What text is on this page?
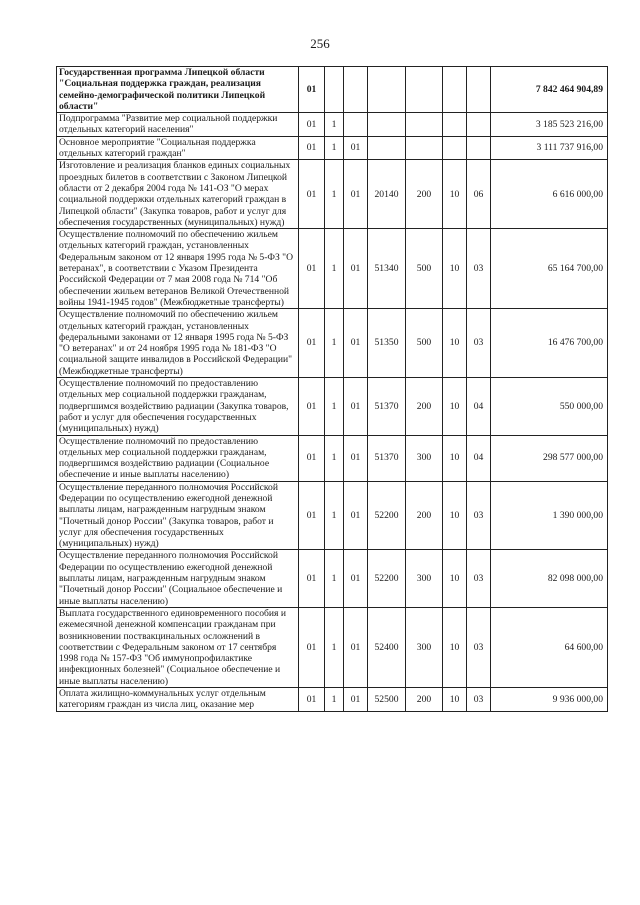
256
Государственная программа Липецкой области "Социальная поддержка граждан, реализация семейно-демографической политики Липецкой области"	01							7 842 464 904,89
Подпрограмма "Развитие мер социальной поддержки отдельных категорий населения"	01	1						3 185 523 216,00
Основное мероприятие "Социальная поддержка отдельных категорий граждан"	01	1	01					3 111 737 916,00
Изготовление и реализация бланков единых социальных проездных билетов в соответствии с Законом Липецкой области от 2 декабря 2004 года № 141-ОЗ "О мерах социальной поддержки отдельных категорий граждан в Липецкой области" (Закупка товаров, работ и услуг для обеспечения государственных (муниципальных) нужд)	01	1	01	20140	200	10	06	6 616 000,00
Осуществление полномочий по обеспечению жильем отдельных категорий граждан, установленных Федеральным законом от 12 января 1995 года № 5-ФЗ "О ветеранах", в соответствии с Указом Президента Российской Федерации от 7 мая 2008 года № 714 "Об обеспечении жильем ветеранов Великой Отечественной войны 1941-1945 годов" (Межбюджетные трансферты)	01	1	01	51340	500	10	03	65 164 700,00
Осуществление полномочий по обеспечению жильем отдельных категорий граждан, установленных федеральными законами от 12 января 1995 года № 5-ФЗ "О ветеранах" и от 24 ноября 1995 года № 181-ФЗ "О социальной защите инвалидов в Российской Федерации" (Межбюджетные трансферты)	01	1	01	51350	500	10	03	16 476 700,00
Осуществление полномочий по предоставлению отдельных мер социальной поддержки гражданам, подвергшимся воздействию радиации (Закупка товаров, работ и услуг для обеспечения государственных (муниципальных) нужд)	01	1	01	51370	200	10	04	550 000,00
Осуществление полномочий по предоставлению отдельных мер социальной поддержки гражданам, подвергшимся воздействию радиации (Социальное обеспечение и иные выплаты населению)	01	1	01	51370	300	10	04	298 577 000,00
Осуществление переданного полномочия Российской Федерации по осуществлению ежегодной денежной выплаты лицам, награжденным нагрудным знаком "Почетный донор России" (Закупка товаров, работ и услуг для обеспечения государственных (муниципальных) нужд)	01	1	01	52200	200	10	03	1 390 000,00
Осуществление переданного полномочия Российской Федерации по осуществлению ежегодной денежной выплаты лицам, награжденным нагрудным знаком "Почетный донор России" (Социальное обеспечение и иные выплаты населению)	01	1	01	52200	300	10	03	82 098 000,00
Выплата государственного единовременного пособия и ежемесячной денежной компенсации гражданам при возникновении поствакцинальных осложнений в соответствии с Федеральным законом от 17 сентября 1998 года № 157-ФЗ "Об иммунопрофилактике инфекционных болезней" (Социальное обеспечение и иные выплаты населению)	01	1	01	52400	300	10	03	64 600,00
Оплата жилищно-коммунальных услуг отдельным категориям граждан из числа лиц, оказание мер	01	1	01	52500	200	10	03	9 936 000,00
